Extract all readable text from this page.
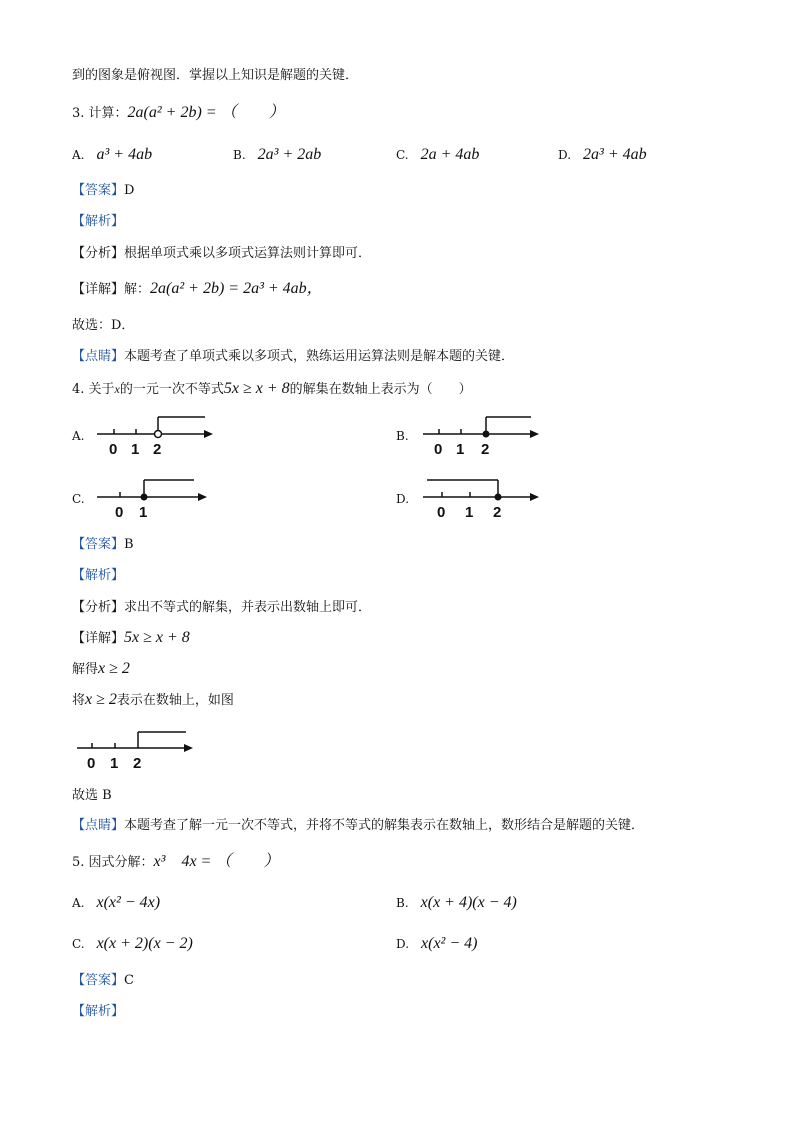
到的图象是俯视图．掌握以上知识是解题的关键．
3. 计算：2a(a² + 2b) = （　　）
A. a³ + 4ab	B. 2a³ + 2ab	C. 2a + 4ab	D. 2a³ + 4ab
【答案】D
【解析】
【分析】根据单项式乘以多项式运算法则计算即可．
【详解】解：2a(a² + 2b) = 2a³ + 4ab，
故选：D．
【点睛】本题考查了单项式乘以多项式，熟练运用运算法则是解本题的关键．
4. 关于x的一元一次不等式5x ≥ x + 8的解集在数轴上表示为（　　）
A.
0 1 2
B.
0 1 2
C.
0 1
D.
0 1 2
【答案】B
【解析】
【分析】求出不等式的解集，并表示出数轴上即可．
【详解】5x ≥ x + 8
解得x ≥ 2
将x ≥ 2表示在数轴上，如图
0 1 2
故选 B
【点睛】本题考查了解一元一次不等式，并将不等式的解集表示在数轴上，数形结合是解题的关键．
5. 因式分解：x³　4x = （　　）
A. x(x² − 4x)	B. x(x + 4)(x − 4)
C. x(x + 2)(x − 2)	D. x(x² − 4)
【答案】C
【解析】
